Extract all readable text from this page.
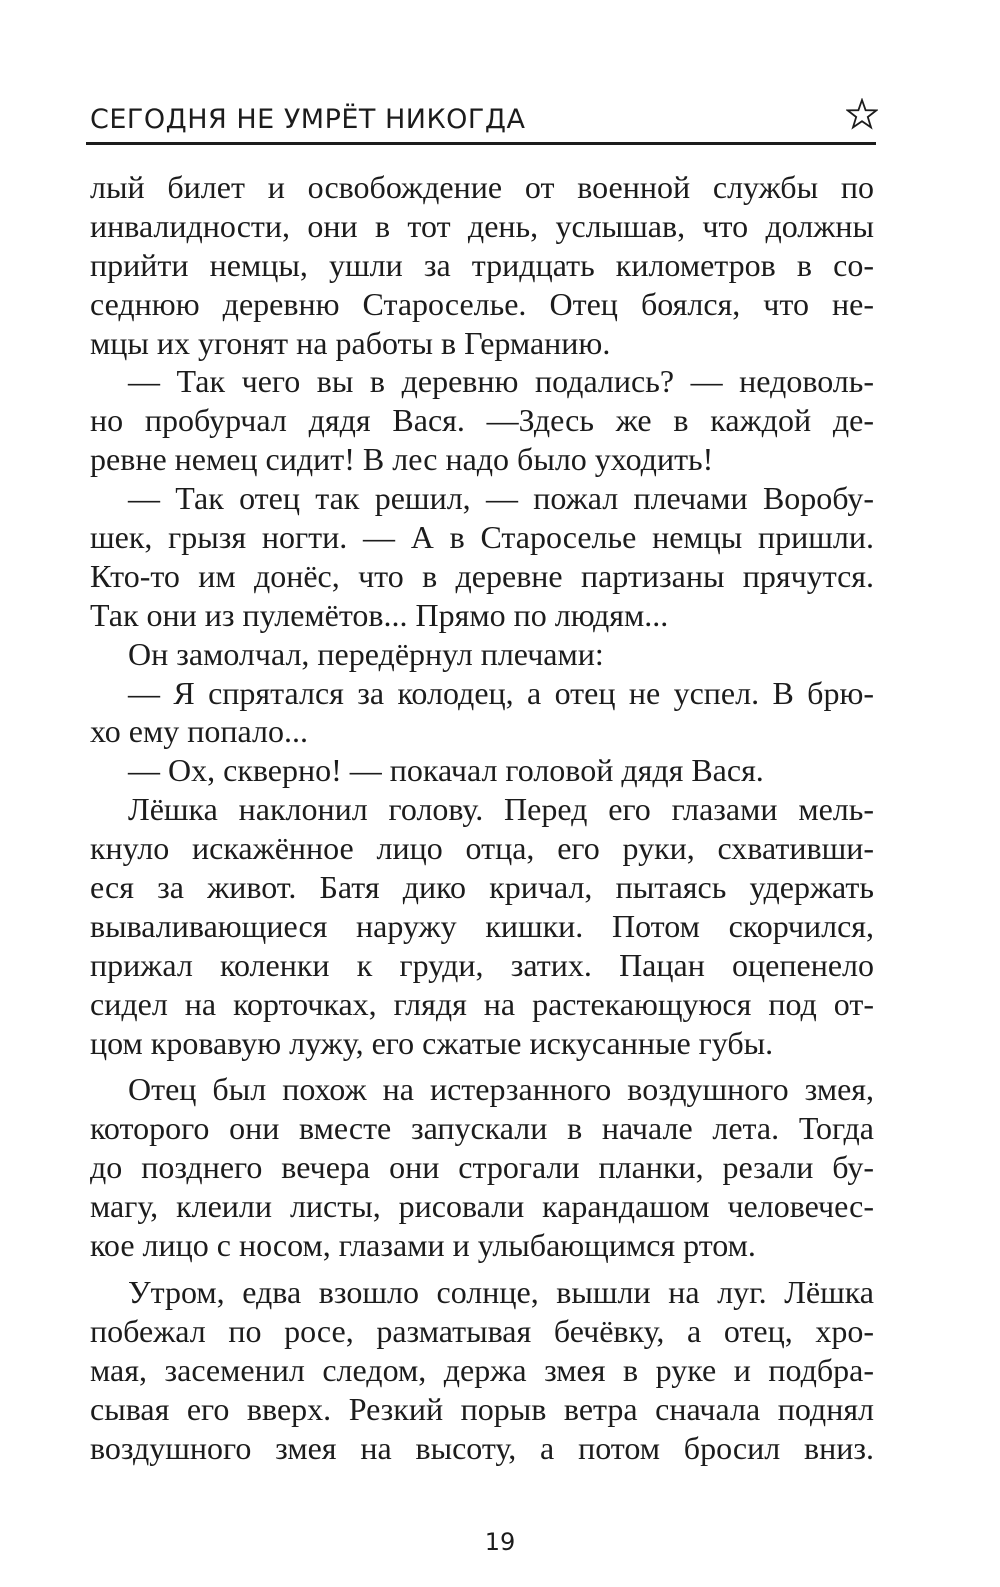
СЕГОДНЯ НЕ УМРЁТ НИКОГДА

лый билет и освобождение от военной службы по

инвалидности, они в тот день, услышав, что должны

прийти немцы, ушли за тридцать километров в со-

седнюю деревню Староселье. Отец боялся, что не-

мцы их угонят на работы в Германию.

— Так чего вы в деревню подались? — недоволь-

но пробурчал дядя Вася. —Здесь же в каждой де-

ревне немец сидит! В лес надо было уходить!

— Так отец так решил, — пожал плечами Воробу-

шек, грызя ногти. — А в Староселье немцы пришли.

Кто-то им донёс, что в деревне партизаны прячутся.

Так они из пулемётов... Прямо по людям...

Он замолчал, передёрнул плечами:

— Я спрятался за колодец, а отец не успел. В брю-

хо ему попало...

— Ох, скверно! — покачал головой дядя Вася.

Лёшка наклонил голову. Перед его глазами мель-

кнуло искажённое лицо отца, его руки, схвативши-

еся за живот. Батя дико кричал, пытаясь удержать

вываливающиеся наружу кишки. Потом скорчился,

прижал коленки к груди, затих. Пацан оцепенело

сидел на корточках, глядя на растекающуюся под от-

цом кровавую лужу, его сжатые искусанные губы.

Отец был похож на истерзанного воздушного змея,

которого они вместе запускали в начале лета. Тогда

до позднего вечера они строгали планки, резали бу-

магу, клеили листы, рисовали карандашом человечес-

кое лицо с носом, глазами и улыбающимся ртом.

Утром, едва взошло солнце, вышли на луг. Лёшка

побежал по росе, разматывая бечёвку, а отец, хро-

мая, засеменил следом, держа змея в руке и подбра-

сывая его вверх. Резкий порыв ветра сначала поднял

воздушного змея на высоту, а потом бросил вниз.

19
